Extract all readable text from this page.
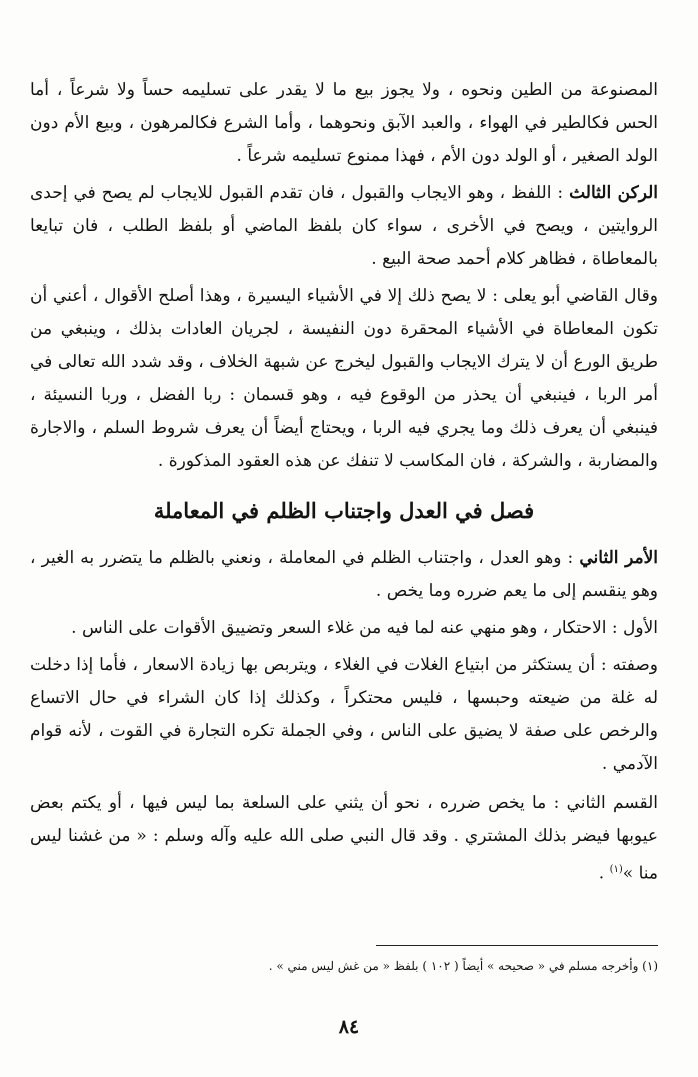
المصنوعة من الطين ونحوه ، ولا يجوز بيع ما لا يقدر على تسليمه حساً ولا شرعاً ، أما الحس فكالطير في الهواء ، والعبد الآبق ونحوهما ، وأما الشرع فكالمرهون ، وبيع الأم دون الولد الصغير ، أو الولد دون الأم ، فهذا ممنوع تسليمه شرعاً .

الركن الثالث : اللفظ ، وهو الايجاب والقبول ، فان تقدم القبول للايجاب لم يصح في إحدى الروايتين ، ويصح في الأخرى ، سواء كان بلفظ الماضي أو بلفظ الطلب ، فان تبايعا بالمعاطاة ، فظاهر كلام أحمد صحة البيع .

وقال القاضي أبو يعلى : لا يصح ذلك إلا في الأشياء اليسيرة ، وهذا أصلح الأقوال ، أعني أن تكون المعاطاة في الأشياء المحقرة دون النفيسة ، لجريان العادات بذلك ، وينبغي من طريق الورع أن لا يترك الايجاب والقبول ليخرج عن شبهة الخلاف ، وقد شدد الله تعالى في أمر الربا ، فينبغي أن يحذر من الوقوع فيه ، وهو قسمان : ربا الفضل ، وربا النسيئة ، فينبغي أن يعرف ذلك وما يجري فيه الربا ، ويحتاج أيضاً أن يعرف شروط السلم ، والاجارة والمضاربة ، والشركة ، فان المكاسب لا تنفك عن هذه العقود المذكورة .

فصل في العدل واجتناب الظلم في المعاملة

الأمر الثاني : وهو العدل ، واجتناب الظلم في المعاملة ، ونعني بالظلم ما يتضرر به الغير ، وهو ينقسم إلى ما يعم ضرره وما يخص .

الأول : الاحتكار ، وهو منهي عنه لما فيه من غلاء السعر وتضييق الأقوات على الناس .

وصفته : أن يستكثر من ابتياع الغلات في الغلاء ، ويتربص بها زيادة الاسعار ، فأما إذا دخلت له غلة من ضيعته وحبسها ، فليس محتكراً ، وكذلك إذا كان الشراء في حال الاتساع والرخص على صفة لا يضيق على الناس ، وفي الجملة تكره التجارة في القوت ، لأنه قوام الآدمي .

القسم الثاني : ما يخص ضرره ، نحو أن يثني على السلعة بما ليس فيها ، أو يكتم بعض عيوبها فيضر بذلك المشتري . وقد قال النبي صلى الله عليه وآله وسلم : « من غشنا ليس منا »$^{(١)}$ .

(١) وأخرجه مسلم في « صحيحه » أيضاً ( ١٠٢ ) بلفظ « من غش ليس مني » .
٨٤
